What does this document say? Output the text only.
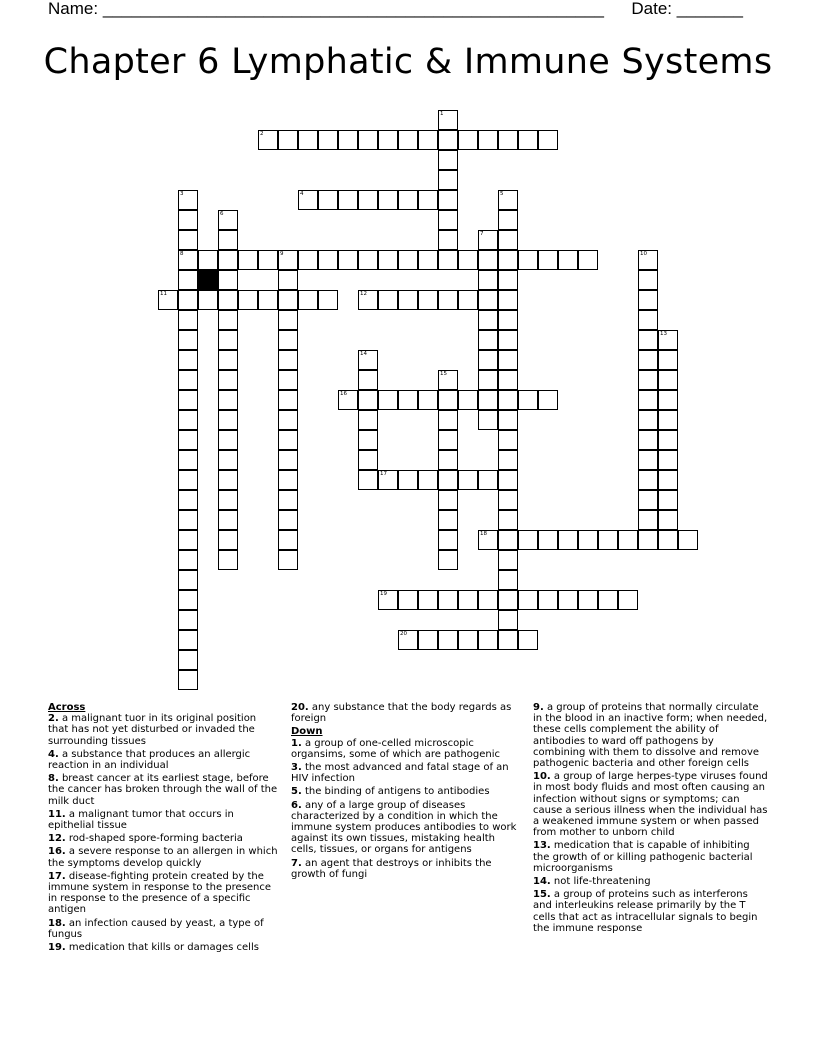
Name: _____________________________________________________ Date: _______
Chapter 6 Lymphatic & Immune Systems
2
4
8	9
11	12
16
17
18
19
20
1
3	5
6
7
10
13
14
15
Across
2. a malignant tuor in its original position that has not yet disturbed or invaded the surrounding tissues
4. a substance that produces an allergic reaction in an individual
8. breast cancer at its earliest stage, before the cancer has broken through the wall of the milk duct
11. a malignant tumor that occurs in epithelial tissue
12. rod-shaped spore-forming bacteria
16. a severe response to an allergen in which the symptoms develop quickly
17. disease-fighting protein created by the immune system in response to the presence in response to the presence of a specific antigen
18. an infection caused by yeast, a type of fungus
19. medication that kills or damages cells
20. any substance that the body regards as foreign
Down
1. a group of one-celled microscopic organsims, some of which are pathogenic
3. the most advanced and fatal stage of an HIV infection
5. the binding of antigens to antibodies
6. any of a large group of diseases characterized by a condition in which the immune system produces antibodies to work against its own tissues, mistaking health cells, tissues, or organs for antigens
7. an agent that destroys or inhibits the growth of fungi
9. a group of proteins that normally circulate in the blood in an inactive form; when needed, these cells complement the ability of antibodies to ward off pathogens by combining with them to dissolve and remove pathogenic bacteria and other foreign cells
10. a group of large herpes-type viruses found in most body fluids and most often causing an infection without signs or symptoms; can cause a serious illness when the individual has a weakened immune system or when passed from mother to unborn child
13. medication that is capable of inhibiting the growth of or killing pathogenic bacterial microorganisms
14. not life-threatening
15. a group of proteins such as interferons and interleukins release primarily by the T cells that act as intracellular signals to begin the immune response
